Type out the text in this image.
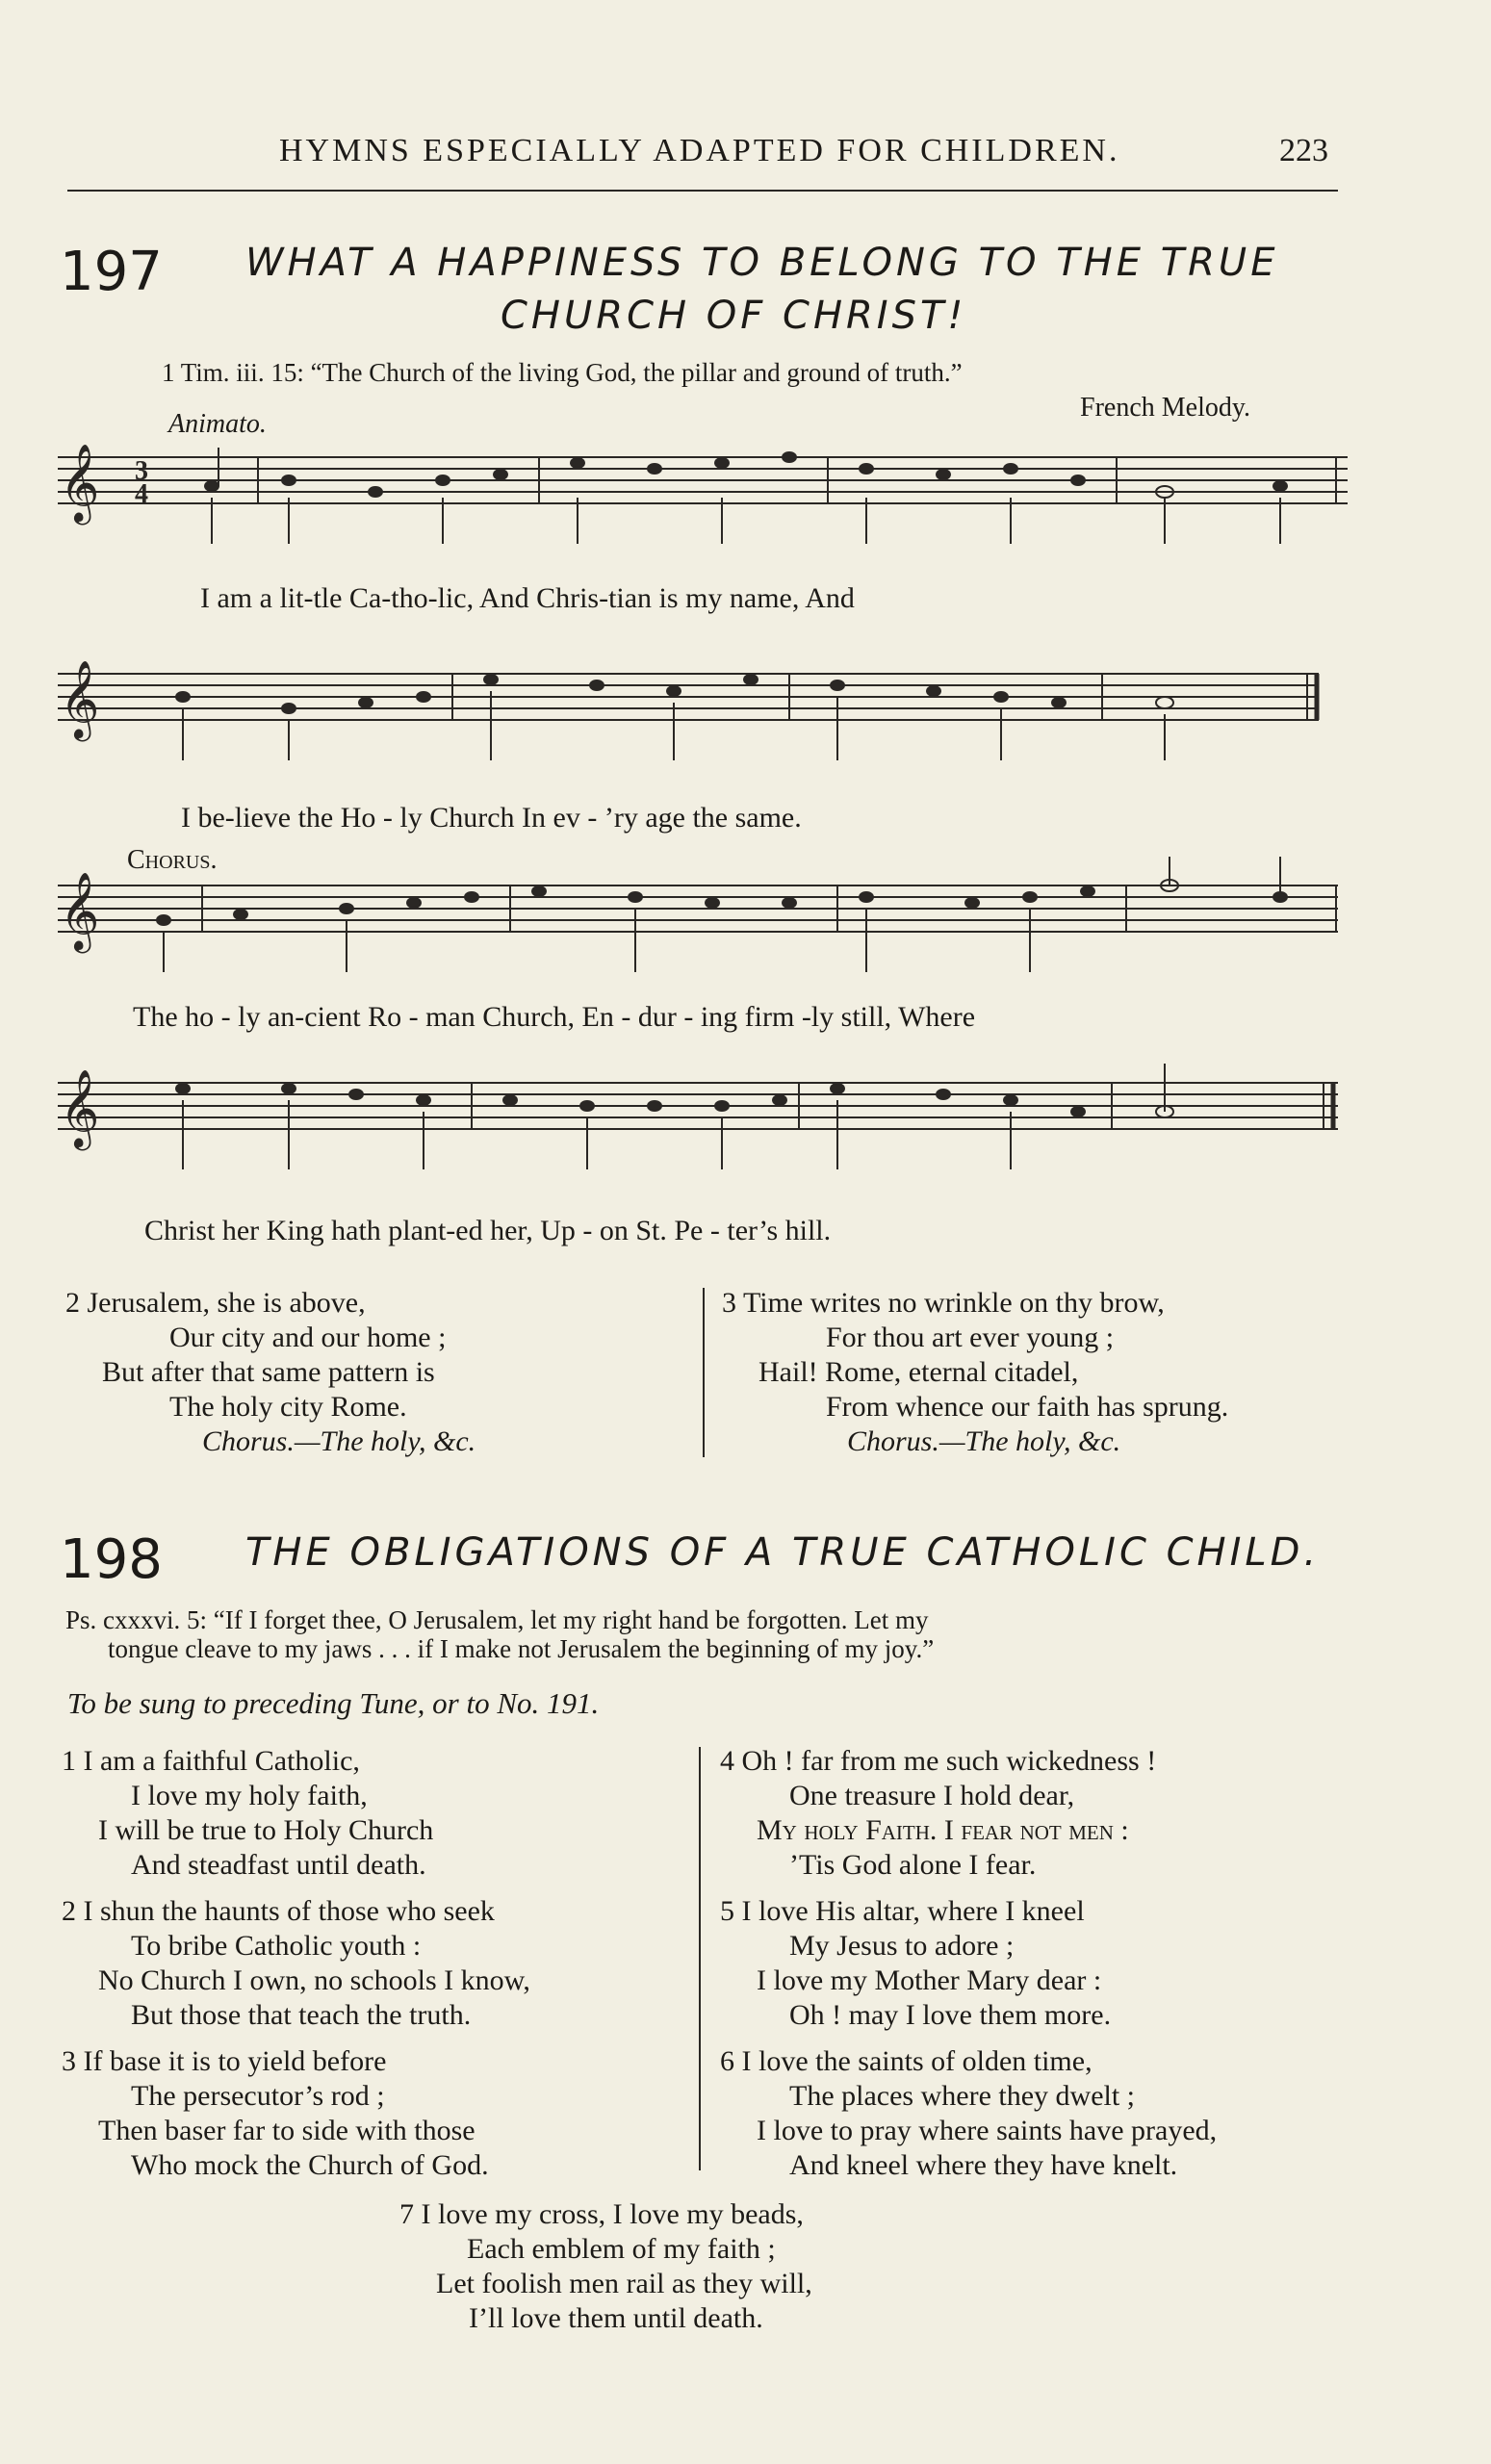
HYMNS ESPECIALLY ADAPTED FOR CHILDREN.	223
197 WHAT A HAPPINESS TO BELONG TO THE TRUE
CHURCH OF CHRIST!
1 Tim. iii. 15: “The Church of the living God, the pillar and ground of truth.”
Animato.
French Melody.
𝄞 3
4
I am a lit-tle Ca-tho-lic, And Chris-tian is my name, And
𝄞
I be-lieve the Ho - ly Church In ev - ’ry age the same.
Chorus.
𝄞
The ho - ly an-cient Ro - man Church, En - dur - ing firm -ly still, Where
𝄞
Christ her King hath plant-ed her, Up - on St. Pe - ter’s hill.
2 Jerusalem, she is above,
Our city and our home ;
But after that same pattern is
The holy city Rome.
Chorus.—The holy, &c.
3 Time writes no wrinkle on thy brow,
For thou art ever young ;
Hail! Rome, eternal citadel,
From whence our faith has sprung.
Chorus.—The holy, &c.
198 THE OBLIGATIONS OF A TRUE CATHOLIC CHILD.
Ps. cxxxvi. 5: “If I forget thee, O Jerusalem, let my right hand be forgotten. Let my
tongue cleave to my jaws . . . if I make not Jerusalem the beginning of my joy.”
To be sung to preceding Tune, or to No. 191.
1 I am a faithful Catholic,
I love my holy faith,
I will be true to Holy Church
And steadfast until death.
2 I shun the haunts of those who seek
To bribe Catholic youth :
No Church I own, no schools I know,
But those that teach the truth.
3 If base it is to yield before
The persecutor’s rod ;
Then baser far to side with those
Who mock the Church of God.
4 Oh ! far from me such wickedness !
One treasure I hold dear,
My holy Faith. I fear not men :
’Tis God alone I fear.
5 I love His altar, where I kneel
My Jesus to adore ;
I love my Mother Mary dear :
Oh ! may I love them more.
6 I love the saints of olden time,
The places where they dwelt ;
I love to pray where saints have prayed,
And kneel where they have knelt.
7 I love my cross, I love my beads,
Each emblem of my faith ;
Let foolish men rail as they will,
I’ll love them until death.
